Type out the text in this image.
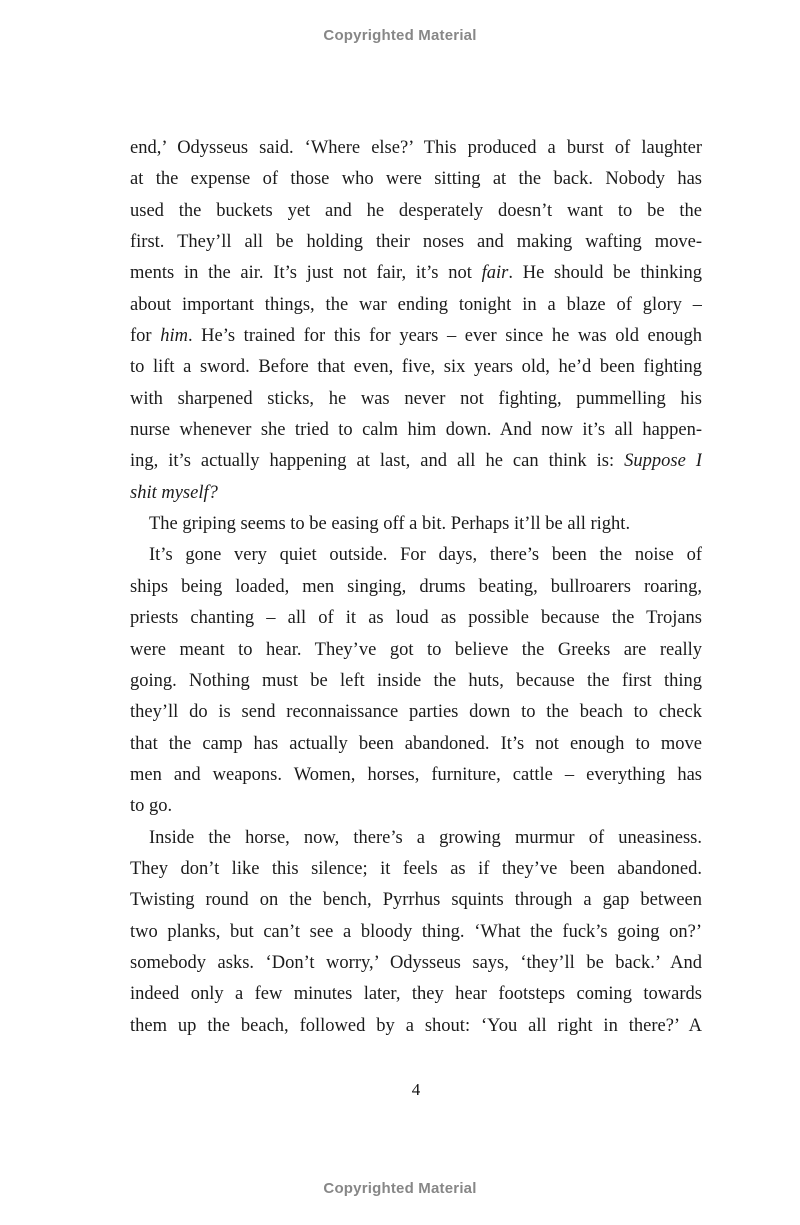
Copyrighted Material
end,’ Odysseus said. ‘Where else?’ This produced a burst of laughter
at the expense of those who were sitting at the back. Nobody has
used the buckets yet and he desperately doesn’t want to be the
first. They’ll all be holding their noses and making wafting move-
ments in the air. It’s just not fair, it’s not fair. He should be thinking
about important things, the war ending tonight in a blaze of glory –
for him. He’s trained for this for years – ever since he was old enough
to lift a sword. Before that even, five, six years old, he’d been fighting
with sharpened sticks, he was never not fighting, pummelling his
nurse whenever she tried to calm him down. And now it’s all happen-
ing, it’s actually happening at last, and all he can think is: Suppose I
shit myself?
The griping seems to be easing off a bit. Perhaps it’ll be all right.
It’s gone very quiet outside. For days, there’s been the noise of
ships being loaded, men singing, drums beating, bullroarers roaring,
priests chanting – all of it as loud as possible because the Trojans
were meant to hear. They’ve got to believe the Greeks are really
going. Nothing must be left inside the huts, because the first thing
they’ll do is send reconnaissance parties down to the beach to check
that the camp has actually been abandoned. It’s not enough to move
men and weapons. Women, horses, furniture, cattle – everything has
to go.
Inside the horse, now, there’s a growing murmur of uneasiness.
They don’t like this silence; it feels as if they’ve been abandoned.
Twisting round on the bench, Pyrrhus squints through a gap between
two planks, but can’t see a bloody thing. ‘What the fuck’s going on?’
somebody asks. ‘Don’t worry,’ Odysseus says, ‘they’ll be back.’ And
indeed only a few minutes later, they hear footsteps coming towards
them up the beach, followed by a shout: ‘You all right in there?’ A
4
Copyrighted Material
